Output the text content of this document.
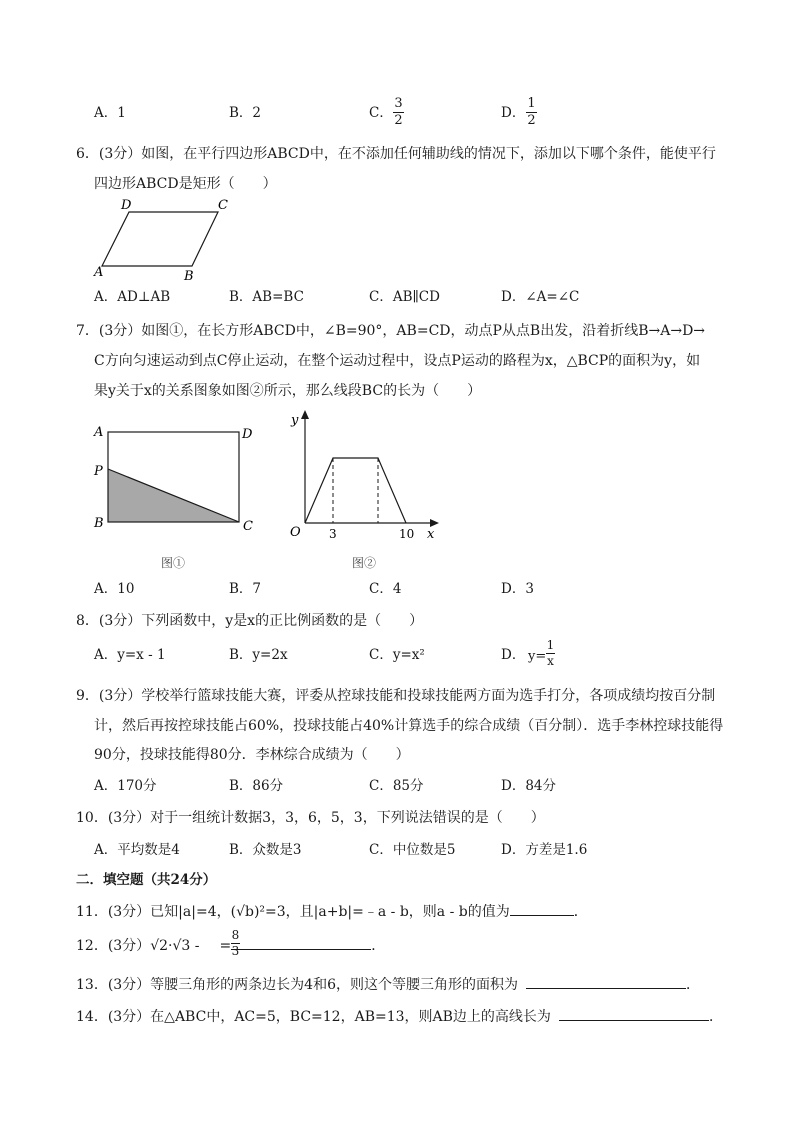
A．1	B．2	C．
3
2	D．
1
2
6．(3分）如图，在平行四边形ABCD中，在不添加任何辅助线的情况下，添加以下哪个条件，能使平行
四边形ABCD是矩形（　　）
D	C
A	B
A．AD⊥AB	B．AB=BC	C．AB∥CD	D．∠A=∠C
7．(3分）如图①，在长方形ABCD中，∠B=90°，AB=CD，动点P从点B出发，沿着折线B→A→D→
C方向匀速运动到点C停止运动，在整个运动过程中，设点P运动的路程为x，△BCP的面积为y，如
果y关于x的关系图象如图②所示，那么线段BC的长为（　　）
A	D
P
B	C
图①
y
O 3	10 x
图②
A．10	B．7	C．4	D．3
8．(3分）下列函数中，y是x的正比例函数的是（　　）
A．y=x - 1	B．y=2x	C．y=x²	D． y=
1
x
9．(3分）学校举行篮球技能大赛，评委从控球技能和投球技能两方面为选手打分，各项成绩均按百分制
计，然后再按控球技能占60%，投球技能占40%计算选手的综合成绩（百分制）．选手李林控球技能得
90分，投球技能得80分．李林综合成绩为（　　）
A．170分	B．86分	C．85分	D．84分
10．(3分）对于一组统计数据3，3，6，5，3，下列说法错误的是（　　）
A．平均数是4	B．众数是3	C．中位数是5	D．方差是1.6
二．填空题（共24分）
11．(3分）已知|a|=4，(√b)²=3，且|a+b|=﹣a - b，则a - b的值为	．
12．(3分）√2·√3 - =	．
8
3
13．(3分）等腰三角形的两条边长为4和6，则这个等腰三角形的面积为	．
14．(3分）在△ABC中，AC=5，BC=12，AB=13，则AB边上的高线长为	．
